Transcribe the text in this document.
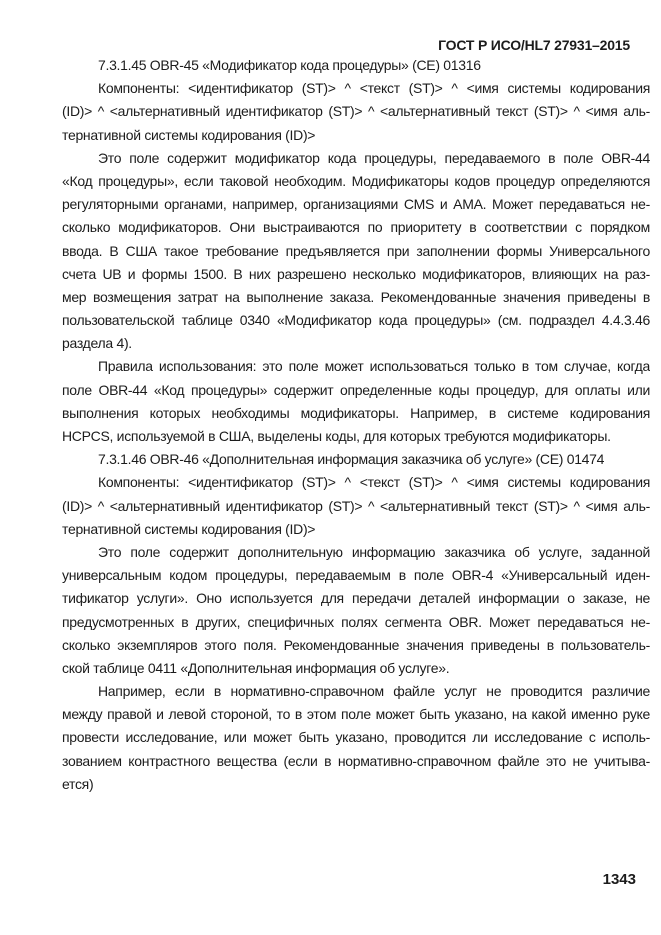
ГОСТ Р ИСО/HL7 27931–2015
7.3.1.45 OBR-45 «Модификатор кода процедуры» (CE) 01316
Компоненты: <идентификатор (ST)> ^ <текст (ST)> ^ <имя системы кодирования
(ID)> ^ <альтернативный идентификатор (ST)> ^ <альтернативный текст (ST)> ^ <имя аль-
тернативной системы кодирования (ID)>
Это поле содержит модификатор кода процедуры, передаваемого в поле OBR-44
«Код процедуры», если таковой необходим. Модификаторы кодов процедур определяются
регуляторными органами, например, организациями CMS и AMA. Может передаваться не-
сколько модификаторов. Они выстраиваются по приоритету в соответствии с порядком
ввода. В США такое требование предъявляется при заполнении формы Универсального
счета UB и формы 1500. В них разрешено несколько модификаторов, влияющих на раз-
мер возмещения затрат на выполнение заказа. Рекомендованные значения приведены в
пользовательской таблице 0340 «Модификатор кода процедуры» (см. подраздел 4.4.3.46
раздела 4).
Правила использования: это поле может использоваться только в том случае, когда
поле OBR-44 «Код процедуры» содержит определенные коды процедур, для оплаты или
выполнения которых необходимы модификаторы. Например, в системе кодирования
HCPCS, используемой в США, выделены коды, для которых требуются модификаторы.
7.3.1.46 OBR-46 «Дополнительная информация заказчика об услуге» (CE) 01474
Компоненты: <идентификатор (ST)> ^ <текст (ST)> ^ <имя системы кодирования
(ID)> ^ <альтернативный идентификатор (ST)> ^ <альтернативный текст (ST)> ^ <имя аль-
тернативной системы кодирования (ID)>
Это поле содержит дополнительную информацию заказчика об услуге, заданной
универсальным кодом процедуры, передаваемым в поле OBR-4 «Универсальный иден-
тификатор услуги». Оно используется для передачи деталей информации о заказе, не
предусмотренных в других, специфичных полях сегмента OBR. Может передаваться не-
сколько экземпляров этого поля. Рекомендованные значения приведены в пользователь-
ской таблице 0411 «Дополнительная информация об услуге».
Например, если в нормативно-справочном файле услуг не проводится различие
между правой и левой стороной, то в этом поле может быть указано, на какой именно руке
провести исследование, или может быть указано, проводится ли исследование с исполь-
зованием контрастного вещества (если в нормативно-справочном файле это не учитыва-
ется)
1343
